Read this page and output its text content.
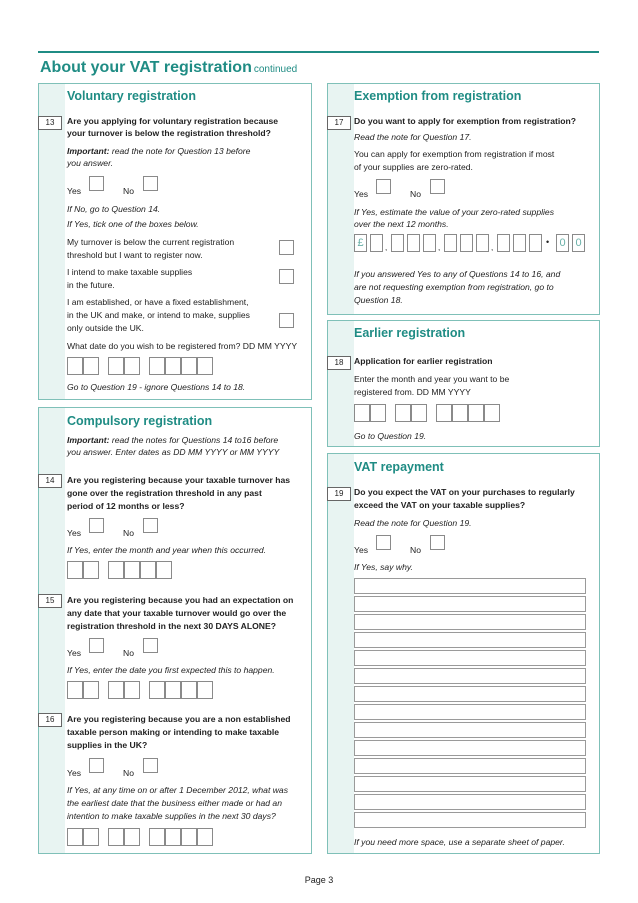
About your VAT registration continued
Voluntary registration
13	Are you applying for voluntary registration because
your turnover is below the registration threshold?
Important: read the note for Question 13 before
you answer.
Yes	No
If No, go to Question 14.
If Yes, tick one of the boxes below.
My turnover is below the current registration
threshold but I want to register now.
I intend to make taxable supplies
in the future.
I am established, or have a fixed establishment,
in the UK and make, or intend to make, supplies
only outside the UK.
What date do you wish to be registered from? DD MM YYYY
Go to Question 19 - ignore Questions 14 to 18.
Compulsory registration
Important: read the notes for Questions 14 to16 before
you answer. Enter dates as DD MM YYYY or MM YYYY
14	Are you registering because your taxable turnover has
gone over the registration threshold in any past
period of 12 months or less?
Yes	No
If Yes, enter the month and year when this occurred.
15	Are you registering because you had an expectation on
any date that your taxable turnover would go over the
registration threshold in the next 30 DAYS ALONE?
Yes	No
If Yes, enter the date you first expected this to happen.
16	Are you registering because you are a non established
taxable person making or intending to make taxable
supplies in the UK?
Yes	No
If Yes, at any time on or after 1 December 2012, what was
the earliest date that the business either made or had an
intention to make taxable supplies in the next 30 days?
Exemption from registration
17	Do you want to apply for exemption from registration?
Read the note for Question 17.
You can apply for exemption from registration if most
of your supplies are zero-rated.
Yes	No
If Yes, estimate the value of your zero-rated supplies
over the next 12 months.
£	,	,	,
• 0 0
If you answered Yes to any of Questions 14 to 16, and
are not requesting exemption from registration, go to
Question 18.
Earlier registration
18	Application for earlier registration
Enter the month and year you want to be
registered from. DD MM YYYY
Go to Question 19.
VAT repayment
19	Do you expect the VAT on your purchases to regularly
exceed the VAT on your taxable supplies?
Read the note for Question 19.
Yes	No
If Yes, say why.
If you need more space, use a separate sheet of paper.
Page 3
